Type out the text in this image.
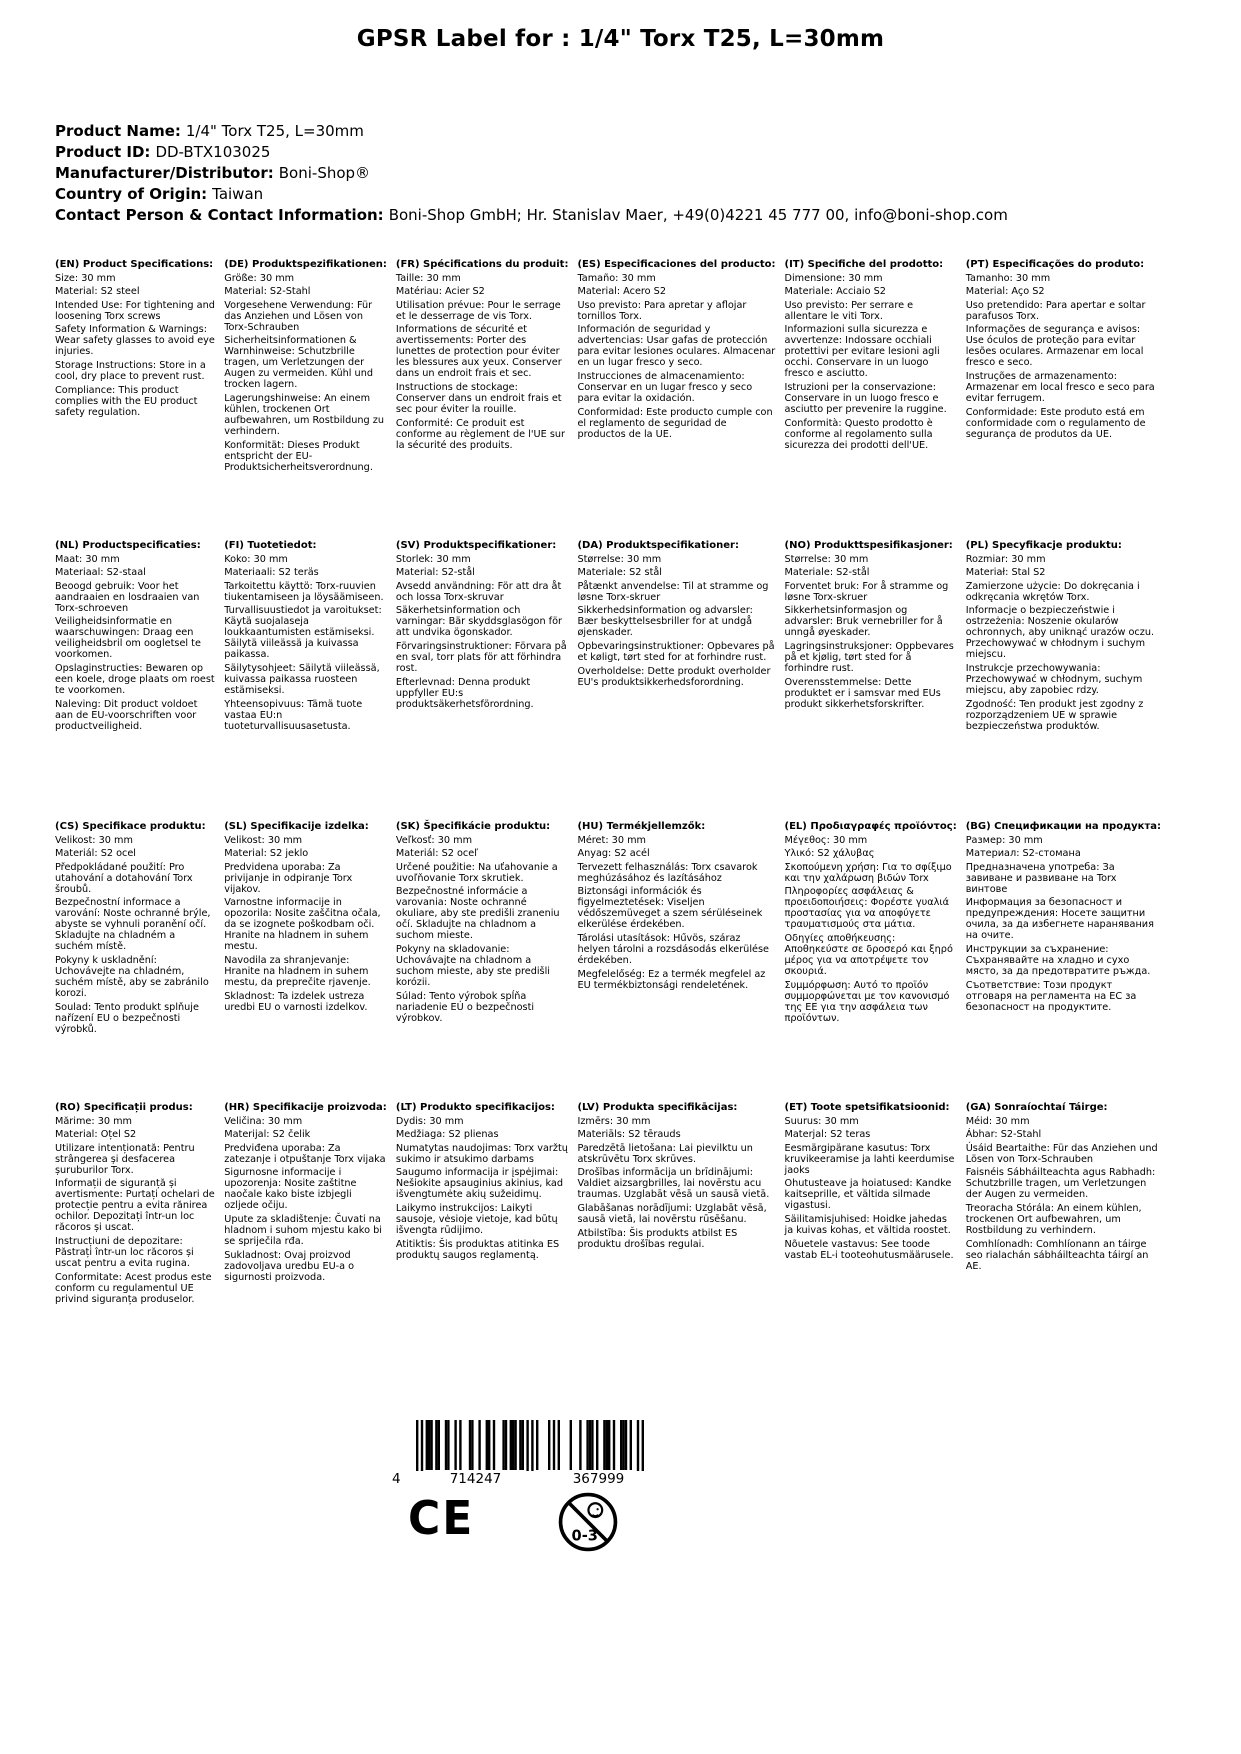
GPSR Label for : 1/4" Torx T25, L=30mm
Product Name: 1/4" Torx T25, L=30mm
Product ID: DD-BTX103025
Manufacturer/Distributor: Boni-Shop®
Country of Origin: Taiwan
Contact Person & Contact Information: Boni-Shop GmbH; Hr. Stanislav Maer, +49(0)4221 45 777 00, info@boni-shop.com
(EN) Product Specifications:

Size: 30 mm

Material: S2 steel

Intended Use: For tightening and loosening Torx screws

Safety Information & Warnings: Wear safety glasses to avoid eye injuries.

Storage Instructions: Store in a cool, dry place to prevent rust.

Compliance: This product complies with the EU product safety regulation.

(DE) Produktspezifikationen:

Größe: 30 mm

Material: S2-Stahl

Vorgesehene Verwendung: Für das Anziehen und Lösen von Torx-Schrauben

Sicherheitsinformationen & Warnhinweise: Schutzbrille tragen, um Verletzungen der Augen zu vermeiden. Kühl und trocken lagern.

Lagerungshinweise: An einem kühlen, trockenen Ort aufbewahren, um Rostbildung zu verhindern.

Konformität: Dieses Produkt entspricht der EU-Produktsicherheitsverordnung.

(FR) Spécifications du produit:

Taille: 30 mm

Matériau: Acier S2

Utilisation prévue: Pour le serrage et le desserrage de vis Torx.

Informations de sécurité et avertissements: Porter des lunettes de protection pour éviter les blessures aux yeux. Conserver dans un endroit frais et sec.

Instructions de stockage: Conserver dans un endroit frais et sec pour éviter la rouille.

Conformité: Ce produit est conforme au règlement de l'UE sur la sécurité des produits.

(ES) Especificaciones del producto:

Tamaño: 30 mm

Material: Acero S2

Uso previsto: Para apretar y aflojar tornillos Torx.

Información de seguridad y advertencias: Usar gafas de protección para evitar lesiones oculares. Almacenar en un lugar fresco y seco.

Instrucciones de almacenamiento: Conservar en un lugar fresco y seco para evitar la oxidación.

Conformidad: Este producto cumple con el reglamento de seguridad de productos de la UE.

(IT) Specifiche del prodotto:

Dimensione: 30 mm

Materiale: Acciaio S2

Uso previsto: Per serrare e allentare le viti Torx.

Informazioni sulla sicurezza e avvertenze: Indossare occhiali protettivi per evitare lesioni agli occhi. Conservare in un luogo fresco e asciutto.

Istruzioni per la conservazione: Conservare in un luogo fresco e asciutto per prevenire la ruggine.

Conformità: Questo prodotto è conforme al regolamento sulla sicurezza dei prodotti dell'UE.

(PT) Especificações do produto:

Tamanho: 30 mm

Material: Aço S2

Uso pretendido: Para apertar e soltar parafusos Torx.

Informações de segurança e avisos: Use óculos de proteção para evitar lesões oculares. Armazenar em local fresco e seco.

Instruções de armazenamento: Armazenar em local fresco e seco para evitar ferrugem.

Conformidade: Este produto está em conformidade com o regulamento de segurança de produtos da UE.

(NL) Productspecificaties:

Maat: 30 mm

Materiaal: S2-staal

Beoogd gebruik: Voor het aandraaien en losdraaien van Torx-schroeven

Veiligheidsinformatie en waarschuwingen: Draag een veiligheidsbril om oogletsel te voorkomen.

Opslaginstructies: Bewaren op een koele, droge plaats om roest te voorkomen.

Naleving: Dit product voldoet aan de EU-voorschriften voor productveiligheid.

(FI) Tuotetiedot:

Koko: 30 mm

Materiaali: S2 teräs

Tarkoitettu käyttö: Torx-ruuvien tiukentamiseen ja löysäämiseen.

Turvallisuustiedot ja varoitukset: Käytä suojalaseja loukkaantumisten estämiseksi. Säilytä viileässä ja kuivassa paikassa.

Säilytysohjeet: Säilytä viileässä, kuivassa paikassa ruosteen estämiseksi.

Yhteensopivuus: Tämä tuote vastaa EU:n tuoteturvallisuusasetusta.

(SV) Produktspecifikationer:

Storlek: 30 mm

Material: S2-stål

Avsedd användning: För att dra åt och lossa Torx-skruvar

Säkerhetsinformation och varningar: Bär skyddsglasögon för att undvika ögonskador.

Förvaringsinstruktioner: Förvara på en sval, torr plats för att förhindra rost.

Efterlevnad: Denna produkt uppfyller EU:s produktsäkerhetsförordning.

(DA) Produktspecifikationer:

Størrelse: 30 mm

Materiale: S2 stål

Påtænkt anvendelse: Til at stramme og løsne Torx-skruer

Sikkerhedsinformation og advarsler: Bær beskyttelsesbriller for at undgå øjenskader.

Opbevaringsinstruktioner: Opbevares på et køligt, tørt sted for at forhindre rust.

Overholdelse: Dette produkt overholder EU's produktsikkerhedsforordning.

(NO) Produkttspesifikasjoner:

Størrelse: 30 mm

Materiale: S2-stål

Forventet bruk: For å stramme og løsne Torx-skruer

Sikkerhetsinformasjon og advarsler: Bruk vernebriller for å unngå øyeskader.

Lagringsinstruksjoner: Oppbevares på et kjølig, tørt sted for å forhindre rust.

Overensstemmelse: Dette produktet er i samsvar med EUs produkt sikkerhetsforskrifter.

(PL) Specyfikacje produktu:

Rozmiar: 30 mm

Materiał: Stal S2

Zamierzone użycie: Do dokręcania i odkręcania wkrętów Torx.

Informacje o bezpieczeństwie i ostrzeżenia: Noszenie okularów ochronnych, aby uniknąć urazów oczu. Przechowywać w chłodnym i suchym miejscu.

Instrukcje przechowywania: Przechowywać w chłodnym, suchym miejscu, aby zapobiec rdzy.

Zgodność: Ten produkt jest zgodny z rozporządzeniem UE w sprawie bezpieczeństwa produktów.

(CS) Specifikace produktu:

Velikost: 30 mm

Materiál: S2 ocel

Předpokládané použití: Pro utahování a dotahování Torx šroubů.

Bezpečnostní informace a varování: Noste ochranné brýle, abyste se vyhnuli poranění očí. Skladujte na chladném a suchém místě.

Pokyny k uskladnění: Uchovávejte na chladném, suchém místě, aby se zabránilo korozi.

Soulad: Tento produkt splňuje nařízení EU o bezpečnosti výrobků.

(SL) Specifikacije izdelka:

Velikost: 30 mm

Material: S2 jeklo

Predvidena uporaba: Za privijanje in odpiranje Torx vijakov.

Varnostne informacije in opozorila: Nosite zaščitna očala, da se izognete poškodbam oči. Hranite na hladnem in suhem mestu.

Navodila za shranjevanje: Hranite na hladnem in suhem mestu, da preprečite rjavenje.

Skladnost: Ta izdelek ustreza uredbi EU o varnosti izdelkov.

(SK) Špecifikácie produktu:

Veľkosť: 30 mm

Materiál: S2 oceľ

Určené použitie: Na uťahovanie a uvoľňovanie Torx skrutiek.

Bezpečnostné informácie a varovania: Noste ochranné okuliare, aby ste predišli zraneniu očí. Skladujte na chladnom a suchom mieste.

Pokyny na skladovanie: Uchovávajte na chladnom a suchom mieste, aby ste predišli korózii.

Súlad: Tento výrobok spĺňa nariadenie EÚ o bezpečnosti výrobkov.

(HU) Termékjellemzők:

Méret: 30 mm

Anyag: S2 acél

Tervezett felhasználás: Torx csavarok meghúzásához és lazításához

Biztonsági információk és figyelmeztetések: Viseljen védőszemüveget a szem sérüléseinek elkerülése érdekében.

Tárolási utasítások: Hűvös, száraz helyen tárolni a rozsdásodás elkerülése érdekében.

Megfelelőség: Ez a termék megfelel az EU termékbiztonsági rendeletének.

(EL) Προδιαγραφές προϊόντος:

Μέγεθος: 30 mm

Υλικό: S2 χάλυβας

Σκοπούμενη χρήση: Για το σφίξιμο και την χαλάρωση βιδών Torx

Πληροφορίες ασφάλειας & προειδοποιήσεις: Φορέστε γυαλιά προστασίας για να αποφύγετε τραυματισμούς στα μάτια.

Οδηγίες αποθήκευσης: Αποθηκεύστε σε δροσερό και ξηρό μέρος για να αποτρέψετε τον σκουριά.

Συμμόρφωση: Αυτό το προϊόν συμμορφώνεται με τον κανονισμό της ΕΕ για την ασφάλεια των προϊόντων.

(BG) Спецификации на продукта:

Размер: 30 mm

Материал: S2-стомана

Предназначена употреба: За завиване и развиване на Torx винтове

Информация за безопасност и предупреждения: Носете защитни очила, за да избегнете наранявания на очите.

Инструкции за съхранение: Съхранявайте на хладно и сухо място, за да предотвратите ръжда.

Съответствие: Този продукт отговаря на регламента на ЕС за безопасност на продуктите.

(RO) Specificații produs:

Mărime: 30 mm

Material: Oțel S2

Utilizare intenționată: Pentru strângerea și desfacerea șuruburilor Torx.

Informații de siguranță și avertismente: Purtați ochelari de protecție pentru a evita rănirea ochilor. Depozitați într-un loc răcoros și uscat.

Instrucțiuni de depozitare: Păstrați într-un loc răcoros și uscat pentru a evita rugina.

Conformitate: Acest produs este conform cu regulamentul UE privind siguranța produselor.

(HR) Specifikacije proizvoda:

Veličina: 30 mm

Materijal: S2 čelik

Predviđena uporaba: Za zatezanje i otpuštanje Torx vijaka

Sigurnosne informacije i upozorenja: Nosite zaštitne naočale kako biste izbjegli ozljede očiju.

Upute za skladištenje: Čuvati na hladnom i suhom mjestu kako bi se spriječila rđa.

Sukladnost: Ovaj proizvod zadovoljava uredbu EU-a o sigurnosti proizvoda.

(LT) Produkto specifikacijos:

Dydis: 30 mm

Medžiaga: S2 plienas

Numatytas naudojimas: Torx varžtų sukimo ir atsukimo darbams

Saugumo informacija ir įspėjimai: Nešiokite apsauginius akinius, kad išvengtumėte akių sužeidimų.

Laikymo instrukcijos: Laikyti sausoje, vėsioje vietoje, kad būtų išvengta rūdijimo.

Atitiktis: Šis produktas atitinka ES produktų saugos reglamentą.

(LV) Produkta specifikācijas:

Izmērs: 30 mm

Materiāls: S2 tērauds

Paredzētā lietošana: Lai pievilktu un atskrūvētu Torx skrūves.

Drošības informācija un brīdinājumi: Valdiet aizsargbrilles, lai novērstu acu traumas. Uzglabāt vēsā un sausā vietā.

Glabāšanas norādījumi: Uzglabāt vēsā, sausā vietā, lai novērstu rūsēšanu.

Atbilstība: Šis produkts atbilst ES produktu drošības regulai.

(ET) Toote spetsifikatsioonid:

Suurus: 30 mm

Materjal: S2 teras

Eesmärgipärane kasutus: Torx kruvikeeramise ja lahti keerdumise jaoks

Ohutusteave ja hoiatused: Kandke kaitseprille, et vältida silmade vigastusi.

Säilitamisjuhised: Hoidke jahedas ja kuivas kohas, et vältida roostet.

Nõuetele vastavus: See toode vastab EL-i tooteohutusmäärusele.

(GA) Sonraíochtaí Táirge:

Méid: 30 mm

Ábhar: S2-Stahl

Úsáid Beartaithe: Für das Anziehen und Lösen von Torx-Schrauben

Faisnéis Sábháilteachta agus Rabhadh: Schutzbrille tragen, um Verletzungen der Augen zu vermeiden.

Treoracha Stórála: An einem kühlen, trockenen Ort aufbewahren, um Rostbildung zu verhindern.

Comhlíonadh: Comhlíonann an táirge seo rialachán sábháilteachta táirgí an AE.

4	714247	367999
CE	0-3
